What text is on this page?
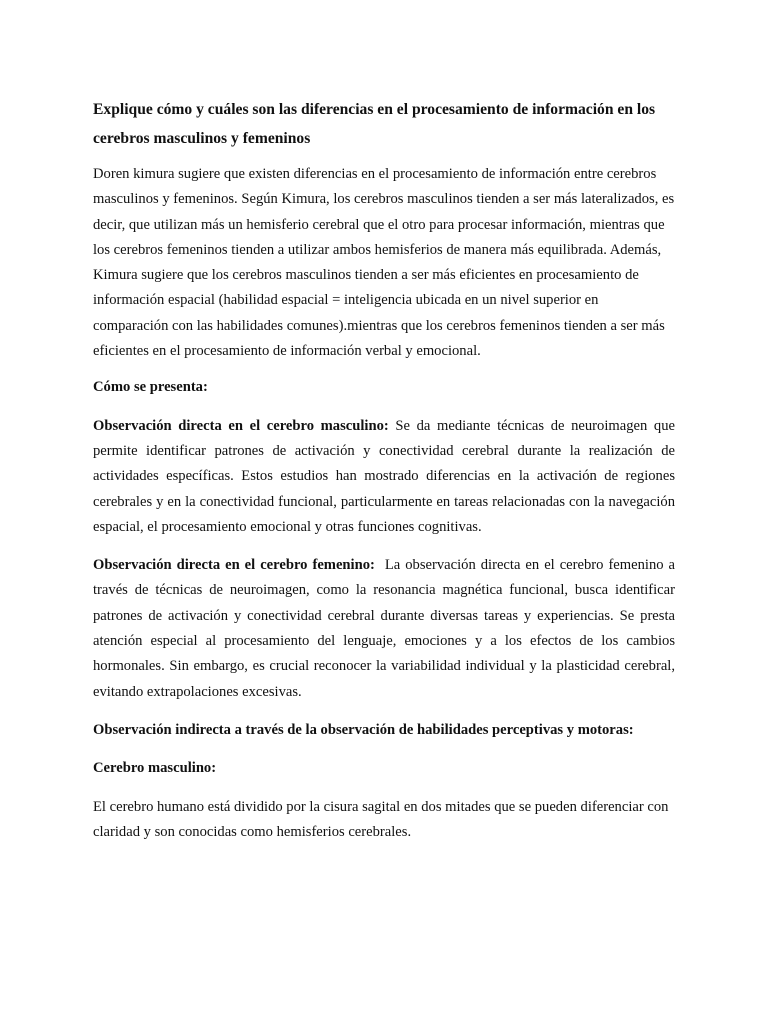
Explique cómo y cuáles son las diferencias en el procesamiento de información en los cerebros masculinos y femeninos

Doren kimura sugiere que existen diferencias en el procesamiento de información entre cerebros masculinos y femeninos. Según Kimura, los cerebros masculinos tienden a ser más lateralizados, es decir, que utilizan más un hemisferio cerebral que el otro para procesar información, mientras que los cerebros femeninos tienden a utilizar ambos hemisferios de manera más equilibrada. Además, Kimura sugiere que los cerebros masculinos tienden a ser más eficientes en procesamiento de información espacial (habilidad espacial = inteligencia ubicada en un nivel superior en comparación con las habilidades comunes).mientras que los cerebros femeninos tienden a ser más eficientes en el procesamiento de información verbal y emocional.

Cómo se presenta:

Observación directa en el cerebro masculino: Se da mediante técnicas de neuroimagen que permite identificar patrones de activación y conectividad cerebral durante la realización de actividades específicas. Estos estudios han mostrado diferencias en la activación de regiones cerebrales y en la conectividad funcional, particularmente en tareas relacionadas con la navegación espacial, el procesamiento emocional y otras funciones cognitivas.

Observación directa en el cerebro femenino: La observación directa en el cerebro femenino a través de técnicas de neuroimagen, como la resonancia magnética funcional, busca identificar patrones de activación y conectividad cerebral durante diversas tareas y experiencias. Se presta atención especial al procesamiento del lenguaje, emociones y a los efectos de los cambios hormonales. Sin embargo, es crucial reconocer la variabilidad individual y la plasticidad cerebral, evitando extrapolaciones excesivas.

Observación indirecta a través de la observación de habilidades perceptivas y motoras:

Cerebro masculino:

El cerebro humano está dividido por la cisura sagital en dos mitades que se pueden diferenciar con claridad y son conocidas como hemisferios cerebrales.
